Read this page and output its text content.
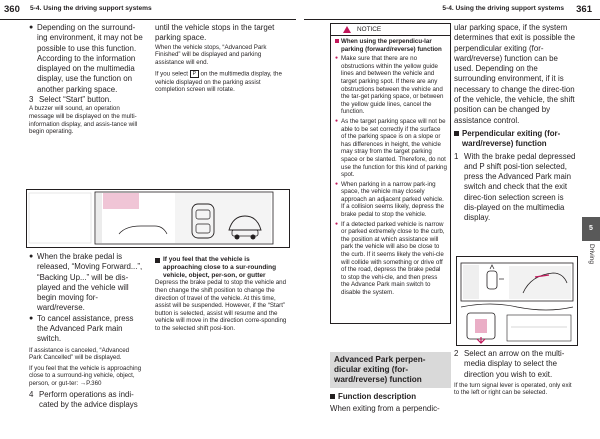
360 5-4. Using the driving support systems	5-4. Using the driving support systems 361
● Depending on the surround-ing environment, it may not be possible to use this function. According to the information displayed on the multimedia display, use the function on another parking space.
3 Select “Start” button.
A buzzer will sound, an operation message will be displayed on the multi-information display, and assis-tance will begin operating.
● When the brake pedal is released, “Moving Forward...”, “Backing Up...” will be dis-played and the vehicle will begin moving for-ward/reverse.
● To cancel assistance, press the Advanced Park main switch.
If assistance is canceled, “Advanced Park Cancelled” will be displayed.
If you feel that the vehicle is approaching close to a surround-ing vehicle, object, person, or gut-ter: →P.360
4 Perform operations as indi-cated by the advice displays
until the vehicle stops in the target parking space.
When the vehicle stops, “Advanced Park Finished” will be displayed and parking assistance will end.
If you select P on the multimedia display, the vehicle displayed on the parking assist completion screen will rotate.
If you feel that the vehicle is approaching close to a sur-rounding vehicle, object, per-son, or gutter
Depress the brake pedal to stop the vehicle and then change the shift position to change the direction of travel of the vehicle. At this time, assist will be suspended. However, if the “Start” button is selected, assist will resume and the vehicle will move in the direction corre-sponding to the selected shift posi-tion.
NOTICE
When using the perpendicu-lar parking (forward/reverse) function
● Make sure that there are no obstructions within the yellow guide lines and between the vehicle and target parking spot. If there are any obstructions between the vehicle and the tar-get parking space, or between the yellow guide lines, cancel the function.
● As the target parking space will not be able to be set correctly if the surface of the parking space is on a slope or has differences in height, the vehicle may stray from the target parking space or be slanted. Therefore, do not use the function for this kind of parking spot.
● When parking in a narrow park-ing space, the vehicle may closely approach an adjacent parked vehicle. If a collision seems likely, depress the brake pedal to stop the vehicle.
● If a detected parked vehicle is narrow or parked extremely close to the curb, the position at which assistance will park the vehicle will also be close to the curb. If it seems likely the vehi-cle will collide with something or drive off of the road, depress the brake pedal to stop the vehi-cle, and then press the Advance Park main switch to disable the system.
Advanced Park perpen-dicular exiting (for-ward/reverse) function
Function description
When exiting from a perpendic-
ular parking space, if the system determines that exit is possible the perpendicular exiting (for-ward/reverse) function can be used. Depending on the surrounding environment, if it is necessary to change the direc-tion of the vehicle, the vehicle, the shift position can be changed by assistance control.
Perpendicular exiting (for-ward/reverse) function
1 With the brake pedal depressed and P shift posi-tion selected, press the Advanced Park main switch and check that the exit direc-tion selection screen is dis-played on the multimedia display.
2 Select an arrow on the multi-media display to select the direction you wish to exit.
If the turn signal lever is operated, only exit to the left or right can be selected.
5
Driving
